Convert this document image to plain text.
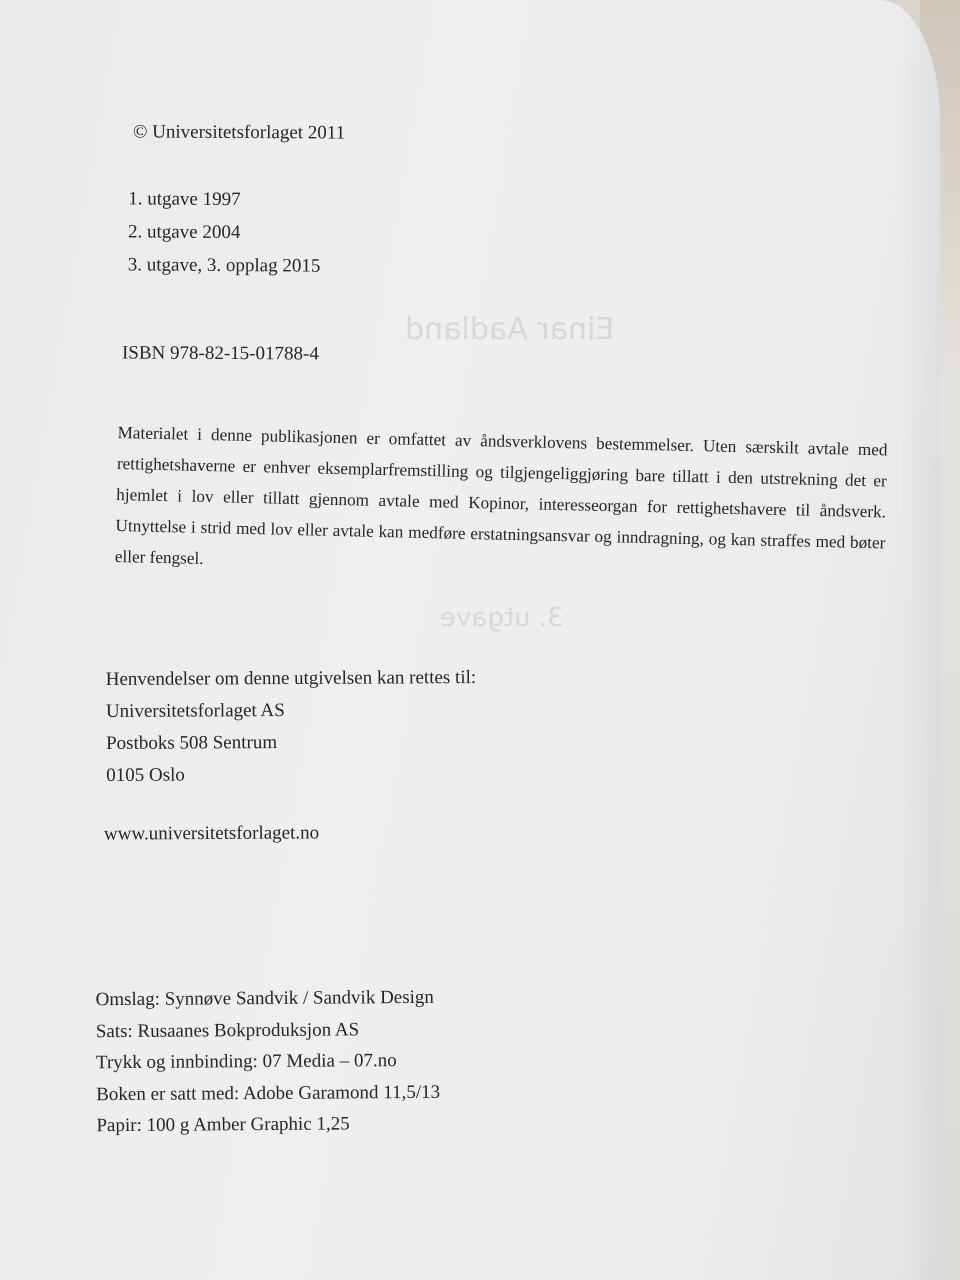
Einar Aadland
3. utgave

© Universitetsforlaget 2011

1. utgave 1997
2. utgave 2004
3. utgave, 3. opplag 2015

ISBN 978-82-15-01788-4

Materialet i denne publikasjonen er omfattet av åndsverklovens bestemmelser. Uten særskilt avtale med rettighetshaverne er enhver eksemplarfremstilling og tilgjengeliggjøring bare tillatt i den utstrekning det er hjemlet i lov eller tillatt gjennom avtale med Kopinor, interesseorgan for rettighetshavere til åndsverk. Utnyttelse i strid med lov eller avtale kan medføre erstatningsansvar og inndragning, og kan straffes med bøter eller fengsel.

Henvendelser om denne utgivelsen kan rettes til:
Universitetsforlaget AS
Postboks 508 Sentrum
0105 Oslo

www.universitetsforlaget.no

Omslag: Synnøve Sandvik / Sandvik Design
Sats: Rusaanes Bokproduksjon AS
Trykk og innbinding: 07 Media – 07.no
Boken er satt med: Adobe Garamond 11,5/13
Papir: 100 g Amber Graphic 1,25
